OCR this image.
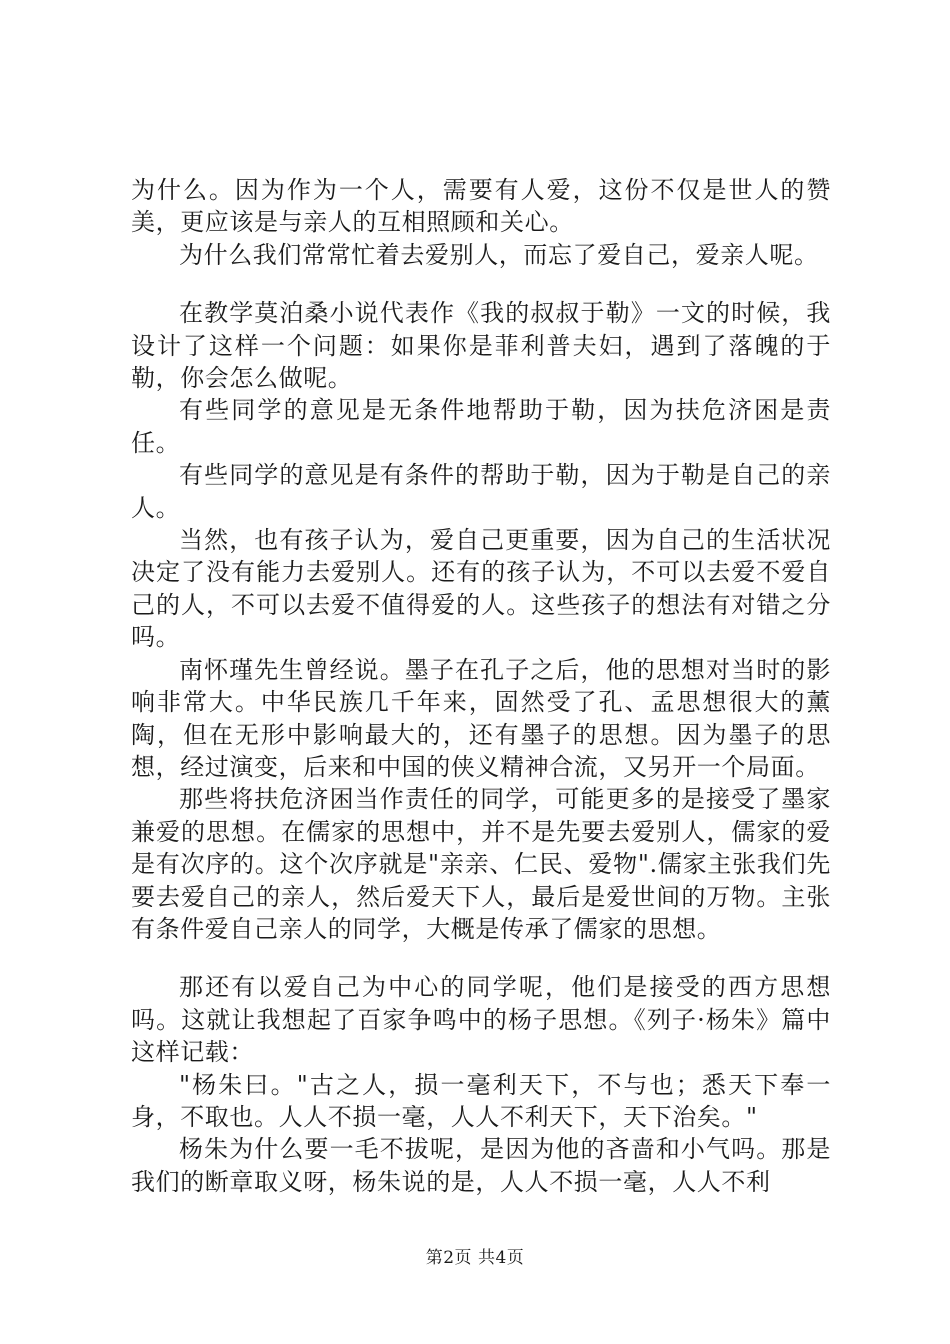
为什么。因为作为一个人，需要有人爱，这份不仅是世人的赞美，更应该是与亲人的互相照顾和关心。

为什么我们常常忙着去爱别人，而忘了爱自己，爱亲人呢。

在教学莫泊桑小说代表作《我的叔叔于勒》一文的时候，我设计了这样一个问题：如果你是菲利普夫妇，遇到了落魄的于勒，你会怎么做呢。

有些同学的意见是无条件地帮助于勒，因为扶危济困是责任。

有些同学的意见是有条件的帮助于勒，因为于勒是自己的亲人。

当然，也有孩子认为，爱自己更重要，因为自己的生活状况决定了没有能力去爱别人。还有的孩子认为，不可以去爱不爱自己的人，不可以去爱不值得爱的人。这些孩子的想法有对错之分吗。

南怀瑾先生曾经说。墨子在孔子之后，他的思想对当时的影响非常大。中华民族几千年来，固然受了孔、孟思想很大的薰陶，但在无形中影响最大的，还有墨子的思想。因为墨子的思想，经过演变，后来和中国的侠义精神合流，又另开一个局面。

那些将扶危济困当作责任的同学，可能更多的是接受了墨家兼爱的思想。在儒家的思想中，并不是先要去爱别人，儒家的爱是有次序的。这个次序就是"亲亲、仁民、爱物".儒家主张我们先要去爱自己的亲人，然后爱天下人，最后是爱世间的万物。主张有条件爱自己亲人的同学，大概是传承了儒家的思想。

那还有以爱自己为中心的同学呢，他们是接受的西方思想吗。这就让我想起了百家争鸣中的杨子思想。《列子·杨朱》篇中这样记载：

"杨朱曰。"古之人，损一毫利天下，不与也；悉天下奉一身，不取也。人人不损一毫，人人不利天下，天下治矣。"

杨朱为什么要一毛不拔呢，是因为他的吝啬和小气吗。那是我们的断章取义呀，杨朱说的是，人人不损一毫，人人不利

第2页 共4页
